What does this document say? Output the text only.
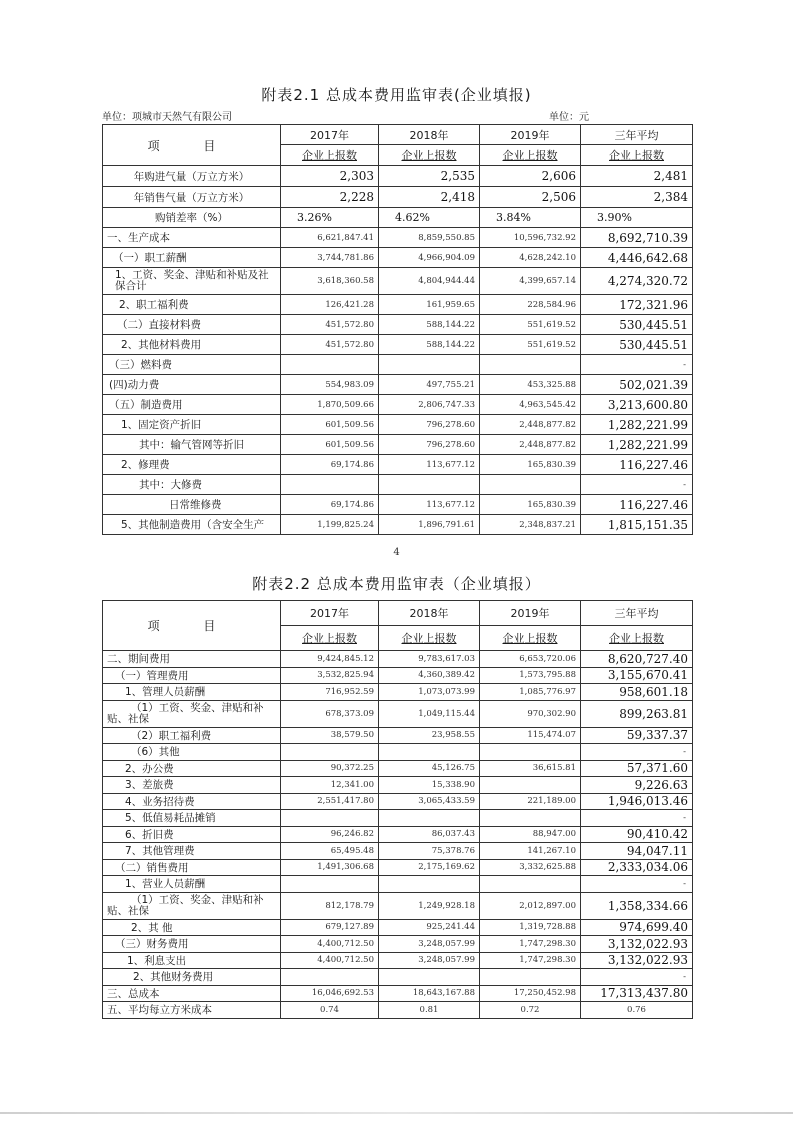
附表2.1 总成本费用监审表(企业填报)
单位：项城市天然气有限公司	单位：元
项 目	2017年	2018年	2019年	三年平均
	企业上报数	企业上报数	企业上报数	企业上报数
年购进气量（万立方米）	2,303	2,535	2,606	2,481
年销售气量（万立方米）	2,228	2,418	2,506	2,384
购销差率（%）	3.26%	4.62%	3.84%	3.90%
一、生产成本	6,621,847.41	8,859,550.85	10,596,732.92	8,692,710.39
（一）职工薪酬	3,744,781.86	4,966,904.09	4,628,242.10	4,446,642.68
1、工资、奖金、津贴和补贴及社保合计	3,618,360.58	4,804,944.44	4,399,657.14	4,274,320.72
2、职工福利费	126,421.28	161,959.65	228,584.96	172,321.96
（二）直接材料费	451,572.80	588,144.22	551,619.52	530,445.51
2、其他材料费用	451,572.80	588,144.22	551,619.52	530,445.51
（三）燃料费				-
(四)动力费	554,983.09	497,755.21	453,325.88	502,021.39
（五）制造费用	1,870,509.66	2,806,747.33	4,963,545.42	3,213,600.80
1、固定资产折旧	601,509.56	796,278.60	2,448,877.82	1,282,221.99
其中：输气管网等折旧	601,509.56	796,278.60	2,448,877.82	1,282,221.99
2、修理费	69,174.86	113,677.12	165,830.39	116,227.46
其中：大修费				-
日常维修费	69,174.86	113,677.12	165,830.39	116,227.46
5、其他制造费用（含安全生产	1,199,825.24	1,896,791.61	2,348,837.21	1,815,151.35
4
附表2.2 总成本费用监审表（企业填报）
项 目	2017年	2018年	2019年	三年平均
	企业上报数	企业上报数	企业上报数	企业上报数
二、期间费用	9,424,845.12	9,783,617.03	6,653,720.06	8,620,727.40
（一）管理费用	3,532,825.94	4,360,389.42	1,573,795.88	3,155,670.41
1、管理人员薪酬	716,952.59	1,073,073.99	1,085,776.97	958,601.18
（1）工资、奖金、津贴和补贴、社保	678,373.09	1,049,115.44	970,302.90	899,263.81
（2）职工福利费	38,579.50	23,958.55	115,474.07	59,337.37
（6）其他				-
2、办公费	90,372.25	45,126.75	36,615.81	57,371.60
3、差旅费	12,341.00	15,338.90		9,226.63
4、业务招待费	2,551,417.80	3,065,433.59	221,189.00	1,946,013.46
5、低值易耗品摊销				-
6、折旧费	96,246.82	86,037.43	88,947.00	90,410.42
7、其他管理费	65,495.48	75,378.76	141,267.10	94,047.11
（二）销售费用	1,491,306.68	2,175,169.62	3,332,625.88	2,333,034.06
1、营业人员薪酬				-
（1）工资、奖金、津贴和补贴、社保	812,178.79	1,249,928.18	2,012,897.00	1,358,334.66
2、其 他	679,127.89	925,241.44	1,319,728.88	974,699.40
（三）财务费用	4,400,712.50	3,248,057.99	1,747,298.30	3,132,022.93
1、利息支出	4,400,712.50	3,248,057.99	1,747,298.30	3,132,022.93
2、其他财务费用				-
三、总成本	16,046,692.53	18,643,167.88	17,250,452.98	17,313,437.80
五、平均每立方米成本	0.74	0.81	0.72	0.76
